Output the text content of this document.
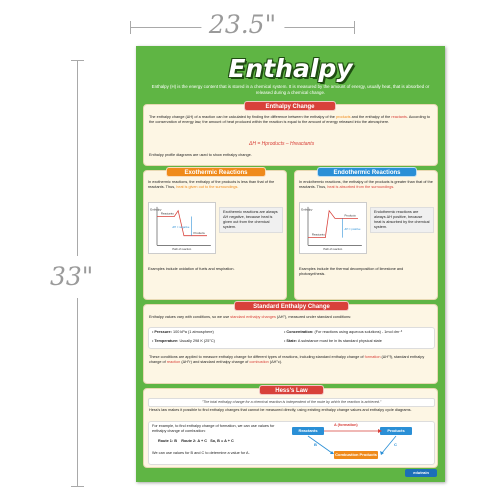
23.5"
33"
Enthalpy
Enthalpy (H) is the energy content that is stored in a chemical system. It is measured by the amount of energy, usually heat, that is absorbed or released during a chemical change.
Enthalpy Change
The enthalpy change (ΔH) of a reaction can be calculated by finding the difference between the enthalpy of the products and the enthalpy of the reactants. According to the conservation of energy law, the amount of heat produced within the reaction is equal to the amount of energy released into the atmosphere.
ΔH = Hproducts – Hreactants
Enthalpy profile diagrams are used to show enthalpy change.
Exothermic Reactions
In exothermic reactions, the enthalpy of the products is less than that of the reactants. Thus, heat is given out to the surroundings.
Enthalpy
Reactants
Products
ΔH = negative
Path of reaction
Exothermic reactions are always ΔH negative, because heat is given out from the chemical system.
Examples include oxidation of fuels and respiration.
Endothermic Reactions
In endothermic reactions, the enthalpy of the products is greater than that of the reactants. Thus, heat is absorbed from the surroundings.
Enthalpy
Reactants
Products
ΔH = positive
Path of reaction
Endothermic reactions are always ΔH positive, because heat is absorbed by the chemical system.
Examples include the thermal decomposition of limestone and photosynthesis.
Standard Enthalpy Change
Enthalpy values vary with conditions, so we use standard enthalpy changes (ΔH°), measured under standard conditions:
• Pressure: 100 kPa (1 atmosphere)	• Concentration: (For reactions using aqueous solutions) - 1mol dm⁻³
• Temperature: Usually 298 K (25°C)	• State: A substance must be in its standard physical state
These conditions are applied to measure enthalpy change for different types of reactions, including standard enthalpy change of formation (ΔH°f), standard enthalpy change of reaction (ΔH°r) and standard enthalpy change of combustion (ΔH°c).
Hess's Law
"The total enthalpy change for a chemical reaction is independent of the route by which the reaction is achieved."
Hess's law makes it possible to find enthalpy changes that cannot be measured directly, using existing enthalpy change values and enthalpy cycle diagrams.
For example, to find enthalpy change of formation, we can use values for enthalpy change of combustion:
Route 1: B Route 2: A + C So, B = A + C
We can use values for B and C to determine a value for A.
Reactants	Products
A (formation)
Combustion Products
B	C
edutrain
